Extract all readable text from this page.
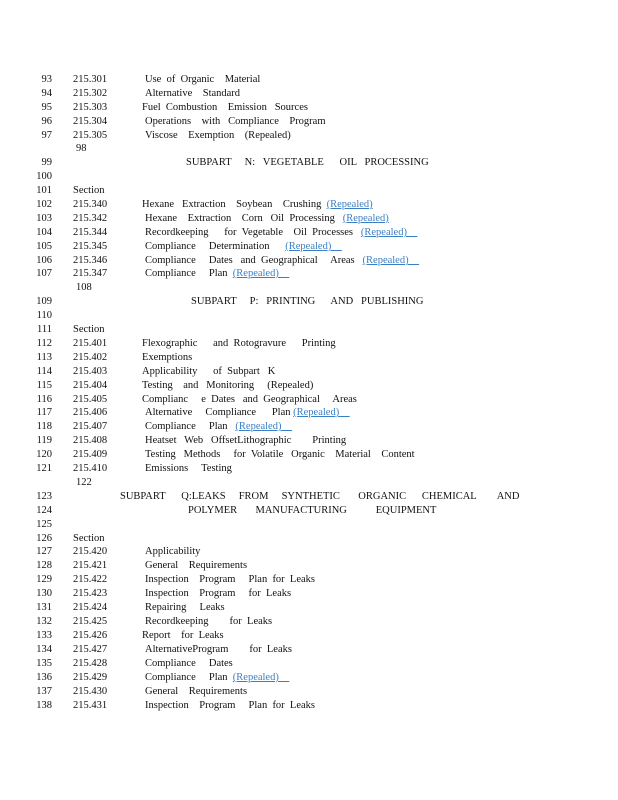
93 215.301	Use  of  Organic    Material
94 215.302	Alternative    Standard
95 215.303	Fuel  Combustion    Emission   Sources
96 215.304	Operations    with   Compliance    Program
97 215.305	Viscose    Exemption    (Repealed)
98
99	SUBPART     N:   VEGETABLE      OIL   PROCESSING
100
101 Section
102 215.340	Hexane   Extraction    Soybean    Crushing  (Repealed)
103 215.342	Hexane    Extraction    Corn   Oil  Processing   (Repealed)
104 215.344	Recordkeeping      for  Vegetable    Oil  Processes   (Repealed)
105 215.345	Compliance     Determination      (Repealed)
106 215.346	Compliance     Dates   and  Geographical     Areas   (Repealed)
107 215.347	Compliance     Plan  (Repealed)
108
109	SUBPART     P:   PRINTING      AND   PUBLISHING
110
111 Section
112 215.401	Flexographic      and  Rotogravure      Printing
113 215.402	Exemptions
114 215.403	Applicability      of  Subpart   K
115 215.404	Testing    and   Monitoring     (Repealed)
116 215.405	Complianc     e  Dates   and  Geographical     Areas
117 215.406	Alternative     Compliance      Plan (Repealed)
118 215.407	Compliance     Plan   (Repealed)
119 215.408	Heatset   Web   OffsetLithographic        Printing
120 215.409	Testing   Methods     for  Volatile   Organic    Material    Content
121 215.410	Emissions     Testing
122
123	SUBPART      Q:LEAKS     FROM     SYNTHETIC       ORGANIC      CHEMICAL        AND
124	POLYMER       MANUFACTURING           EQUIPMENT
125
126 Section
127 215.420	Applicability
128 215.421	General    Requirements
129 215.422	Inspection    Program     Plan  for  Leaks
130 215.423	Inspection    Program     for  Leaks
131 215.424	Repairing     Leaks
132 215.425	Recordkeeping        for  Leaks
133 215.426	Report    for  Leaks
134 215.427	AlternativeProgram        for  Leaks
135 215.428	Compliance     Dates
136 215.429	Compliance     Plan  (Repealed)
137 215.430	General    Requirements
138 215.431	Inspection    Program     Plan  for  Leaks
